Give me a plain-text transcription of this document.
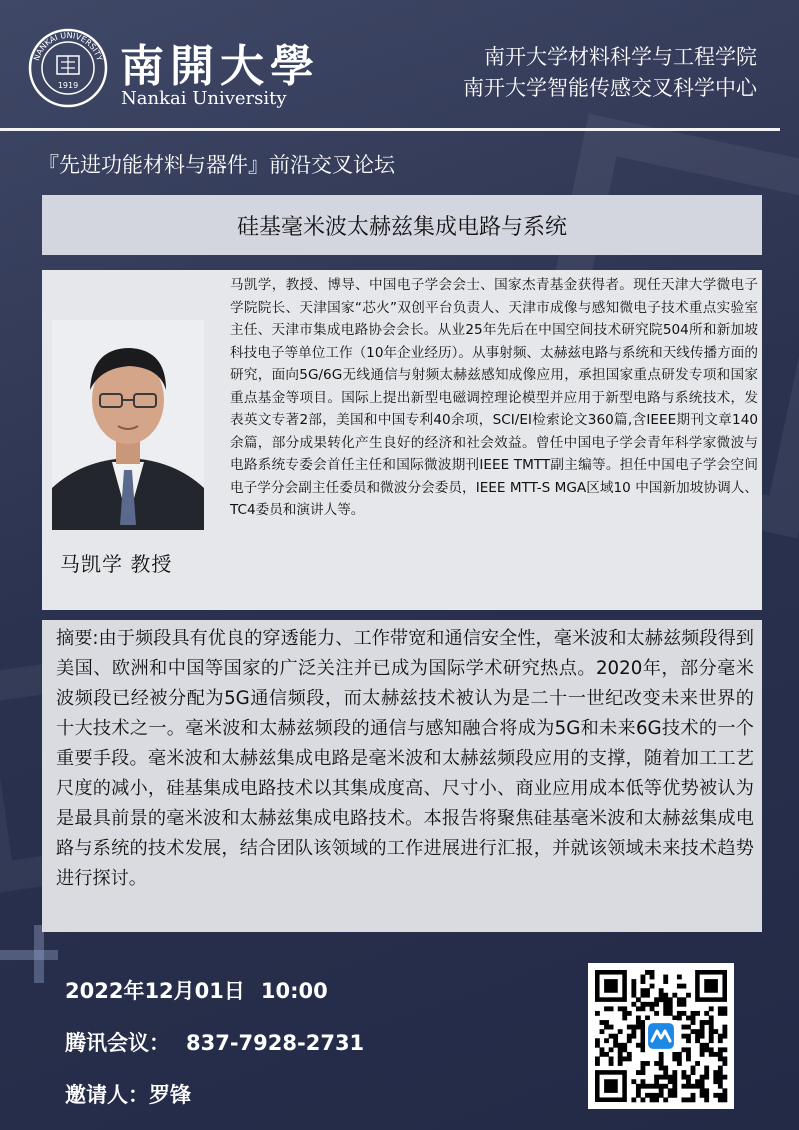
NANKAI UNIVERSITY
1919 南開大學
Nankai University
南开大学材料科学与工程学院
南开大学智能传感交叉科学中心
『先进功能材料与器件』前沿交叉论坛
硅基毫米波太赫兹集成电路与系统
马凯学 教授
马凯学，教授、博导、中国电子学会会士、国家杰青基金获得者。现任天津大学微电子学院院长、天津国家“芯火”双创平台负责人、天津市成像与感知微电子技术重点实验室主任、天津市集成电路协会会长。从业25年先后在中国空间技术研究院504所和新加坡科技电子等单位工作（10年企业经历）。从事射频、太赫兹电路与系统和天线传播方面的研究，面向5G/6G无线通信与射频太赫兹感知成像应用，承担国家重点研发专项和国家重点基金等项目。国际上提出新型电磁调控理论模型并应用于新型电路与系统技术，发表英文专著2部，美国和中国专利40余项，SCI/EI检索论文360篇,含IEEE期刊文章140余篇，部分成果转化产生良好的经济和社会效益。曾任中国电子学会青年科学家微波与电路系统专委会首任主任和国际微波期刊IEEE TMTT副主编等。担任中国电子学会空间电子学分会副主任委员和微波分会委员，IEEE MTT-S MGA区域10 中国新加坡协调人、TC4委员和演讲人等。
摘要:由于频段具有优良的穿透能力、工作带宽和通信安全性，毫米波和太赫兹频段得到美国、欧洲和中国等国家的广泛关注并已成为国际学术研究热点。2020年，部分毫米波频段已经被分配为5G通信频段，而太赫兹技术被认为是二十一世纪改变未来世界的十大技术之一。毫米波和太赫兹频段的通信与感知融合将成为5G和未来6G技术的一个重要手段。毫米波和太赫兹集成电路是毫米波和太赫兹频段应用的支撑，随着加工工艺尺度的减小，硅基集成电路技术以其集成度高、尺寸小、商业应用成本低等优势被认为是最具前景的毫米波和太赫兹集成电路技术。本报告将聚焦硅基毫米波和太赫兹集成电路与系统的技术发展，结合团队该领域的工作进展进行汇报，并就该领域未来技术趋势进行探讨。
2022年12月01日 10:00
腾讯会议： 837-7928-2731
邀请人：罗锋
